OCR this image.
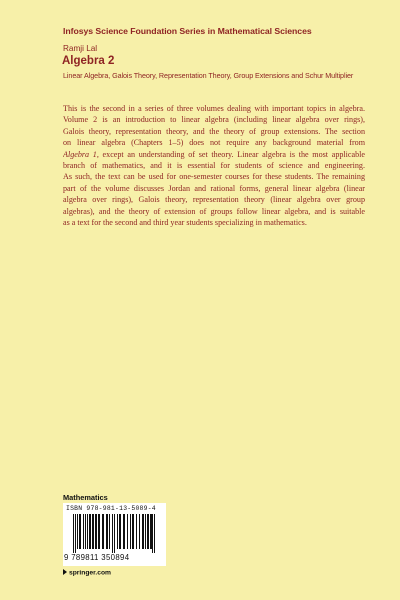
Infosys Science Foundation Series in Mathematical Sciences
Ramji Lal
Algebra 2
Linear Algebra, Galois Theory, Representation Theory, Group Extensions and Schur Multiplier
This is the second in a series of three volumes dealing with important topics in algebra.
Volume 2 is an introduction to linear algebra (including linear algebra over rings),
Galois theory, representation theory, and the theory of group extensions. The section
on linear algebra (Chapters 1–5) does not require any background material from
Algebra 1, except an understanding of set theory. Linear algebra is the most applicable
branch of mathematics, and it is essential for students of science and engineering.
As such, the text can be used for one-semester courses for these students. The remaining
part of the volume discusses Jordan and rational forms, general linear algebra (linear
algebra over rings), Galois theory, representation theory (linear algebra over group
algebras), and the theory of extension of groups follow linear algebra, and is suitable
as a text for the second and third year students specializing in mathematics.
Mathematics
ISBN 978-981-13-5089-4
9 789811 350894
springer.com
